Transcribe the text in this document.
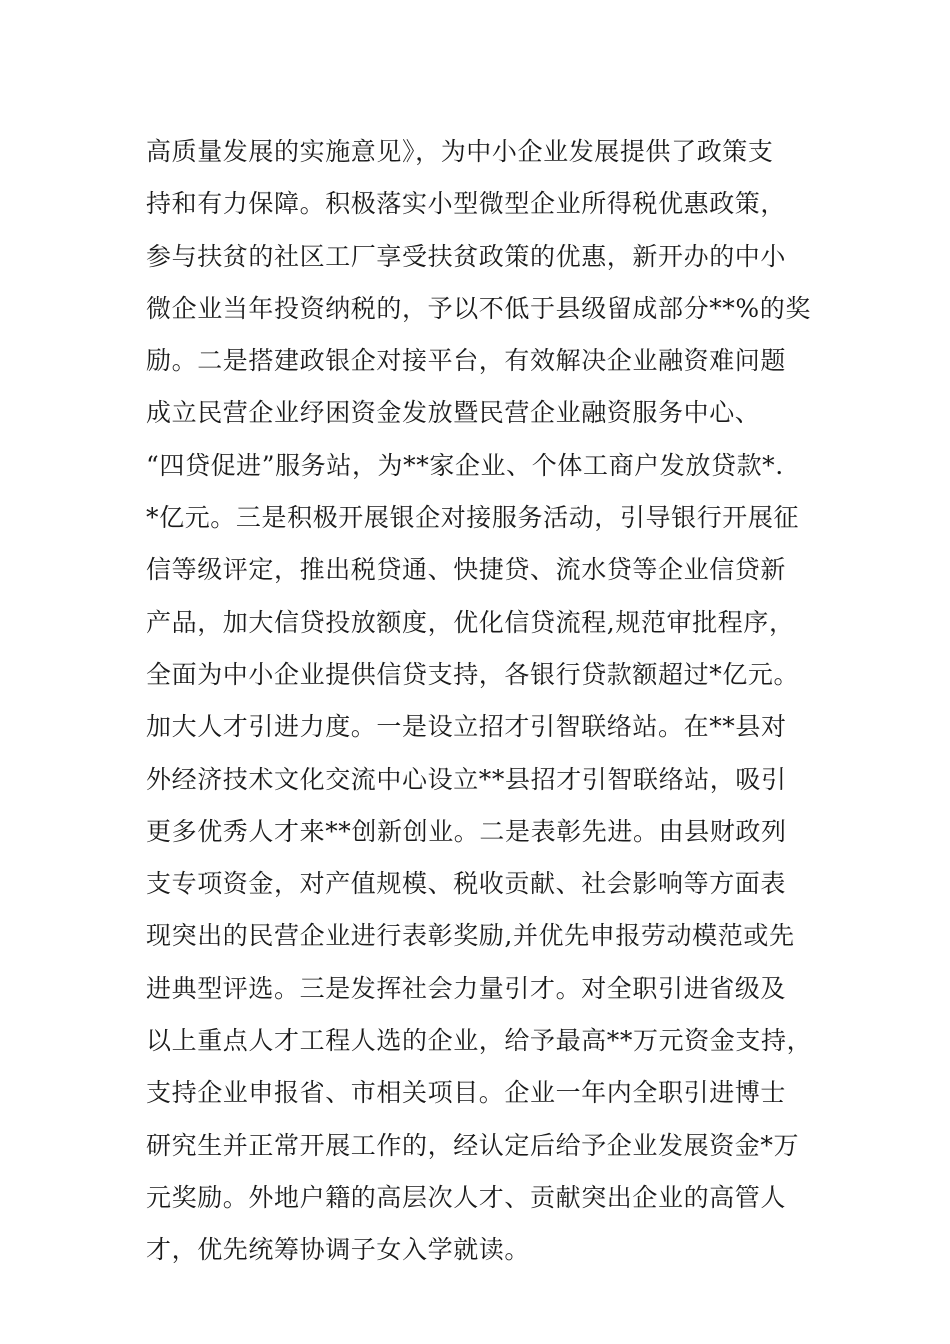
高质量发展的实施意见》，为中小企业发展提供了政策支
持和有力保障。积极落实小型微型企业所得税优惠政策，
参与扶贫的社区工厂享受扶贫政策的优惠，新开办的中小
微企业当年投资纳税的，予以不低于县级留成部分**%的奖
励。二是搭建政银企对接平台，有效解决企业融资难问题
成立民营企业纾困资金发放暨民营企业融资服务中心、
“四贷促进”服务站，为**家企业、个体工商户发放贷款*.
*亿元。三是积极开展银企对接服务活动，引导银行开展征
信等级评定，推出税贷通、快捷贷、流水贷等企业信贷新
产品，加大信贷投放额度，优化信贷流程,规范审批程序，
全面为中小企业提供信贷支持，各银行贷款额超过*亿元。
加大人才引进力度。一是设立招才引智联络站。在**县对
外经济技术文化交流中心设立**县招才引智联络站，吸引
更多优秀人才来**创新创业。二是表彰先进。由县财政列
支专项资金，对产值规模、税收贡献、社会影响等方面表
现突出的民营企业进行表彰奖励,并优先申报劳动模范或先
进典型评选。三是发挥社会力量引才。对全职引进省级及
以上重点人才工程人选的企业，给予最高**万元资金支持，
支持企业申报省、市相关项目。企业一年内全职引进博士
研究生并正常开展工作的，经认定后给予企业发展资金*万
元奖励。外地户籍的高层次人才、贡献突出企业的高管人
才，优先统筹协调子女入学就读。
